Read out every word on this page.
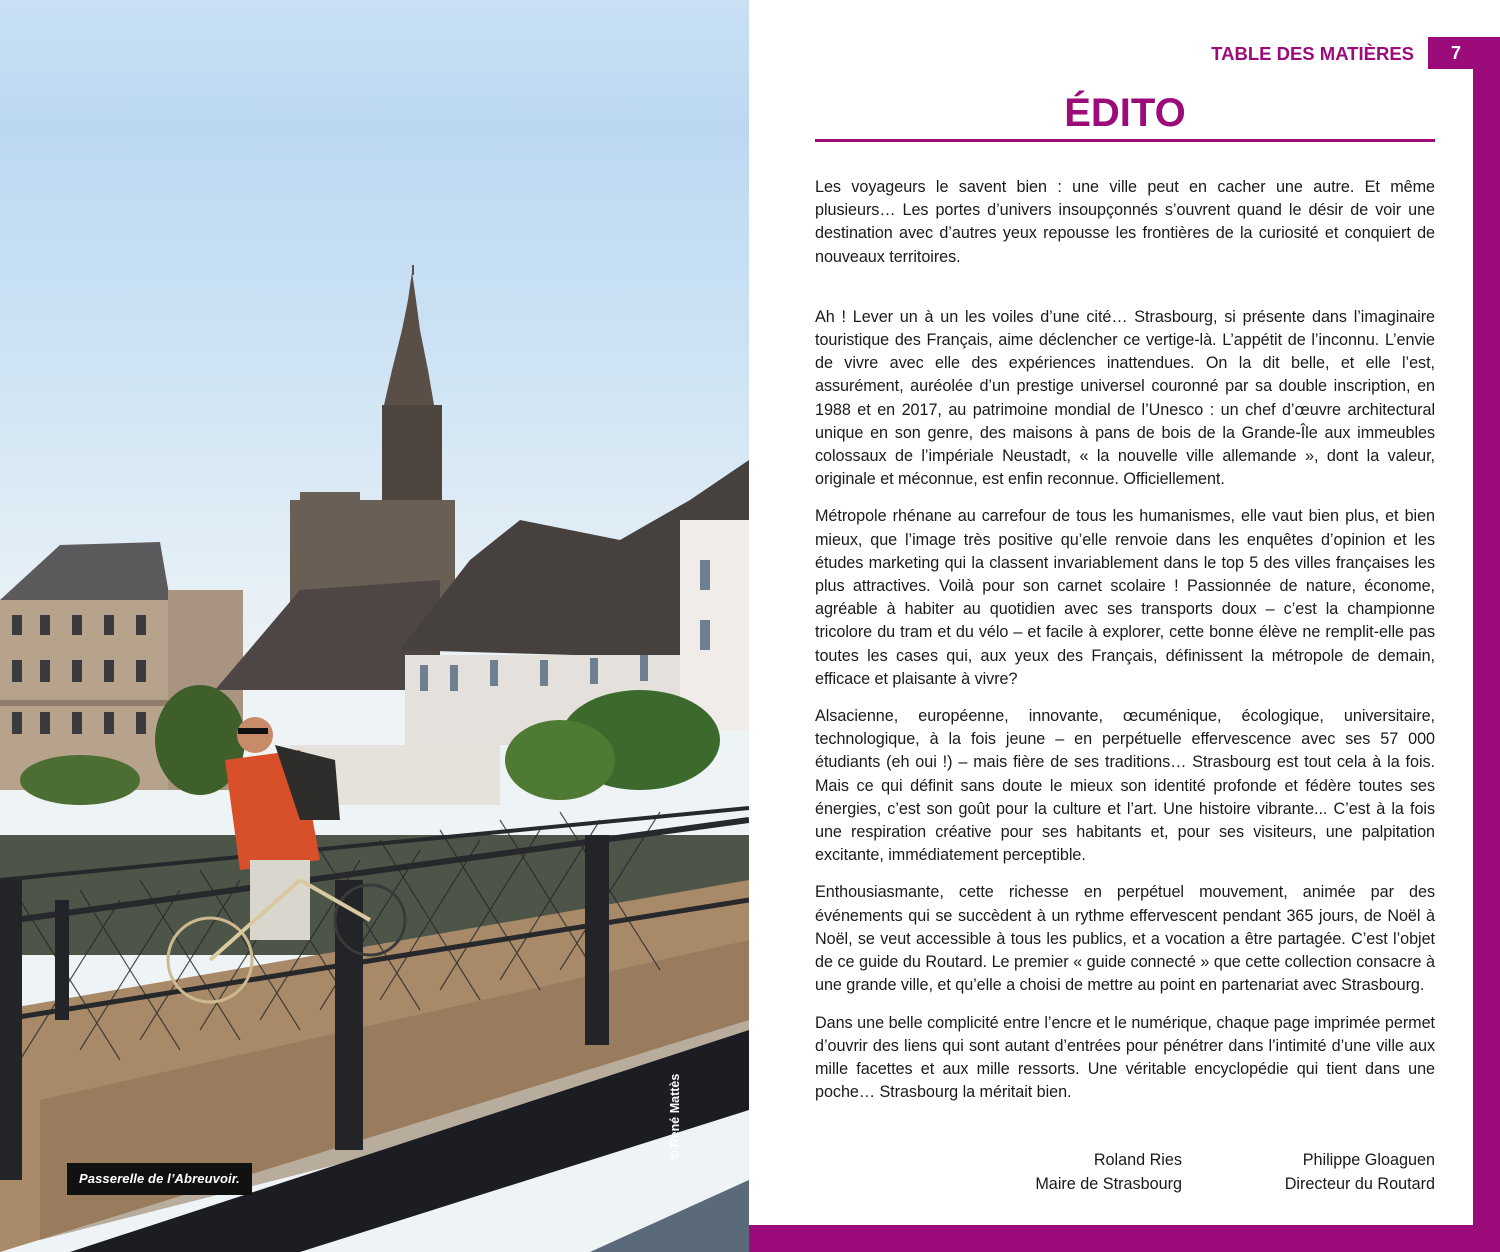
Passerelle de l’Abreuvoir.
© René Mattès
TABLE DES MATIÈRES	7
ÉDITO

Les voyageurs le savent bien : une ville peut en cacher une autre. Et même plusieurs… Les portes d’univers insoupçonnés s’ouvrent quand le désir de voir une destination avec d’autres yeux repousse les frontières de la curiosité et conquiert de nouveaux territoires.

Ah ! Lever un à un les voiles d’une cité… Strasbourg, si présente dans l’imaginaire touristique des Français, aime déclencher ce vertige-là. L’appétit de l’inconnu. L’envie de vivre avec elle des expériences inattendues. On la dit belle, et elle l’est, assurément, auréolée d’un prestige universel couronné par sa double inscription, en 1988 et en 2017, au patrimoine mondial de l’Unesco : un chef d’œuvre architectural unique en son genre, des maisons à pans de bois de la Grande-Île aux immeubles colossaux de l’impériale Neustadt, « la nouvelle ville allemande », dont la valeur, originale et méconnue, est enfin reconnue. Officiellement.

Métropole rhénane au carrefour de tous les humanismes, elle vaut bien plus, et bien mieux, que l’image très positive qu’elle renvoie dans les enquêtes d’opinion et les études marketing qui la classent invariablement dans le top 5 des villes françaises les plus attractives. Voilà pour son carnet scolaire ! Passionnée de nature, économe, agréable à habiter au quotidien avec ses transports doux – c’est la championne tricolore du tram et du vélo – et facile à explorer, cette bonne élève ne remplit-elle pas toutes les cases qui, aux yeux des Français, définissent la métropole de demain, efficace et plaisante à vivre?

Alsacienne, européenne, innovante, œcuménique, écologique, universitaire, technologique, à la fois jeune – en perpétuelle effervescence avec ses 57 000 étudiants (eh oui !) – mais fière de ses traditions… Strasbourg est tout cela à la fois. Mais ce qui définit sans doute le mieux son identité profonde et fédère toutes ses énergies, c’est son goût pour la culture et l’art. Une histoire vibrante... C’est à la fois une respiration créative pour ses habitants et, pour ses visiteurs, une palpitation excitante, immédiatement perceptible.

Enthousiasmante, cette richesse en perpétuel mouvement, animée par des événements qui se succèdent à un rythme effervescent pendant 365 jours, de Noël à Noël, se veut accessible à tous les publics, et a vocation a être partagée. C’est l’objet de ce guide du Routard. Le premier « guide connecté » que cette collection consacre à une grande ville, et qu’elle a choisi de mettre au point en partenariat avec Strasbourg.

Dans une belle complicité entre l’encre et le numérique, chaque page imprimée permet d’ouvrir des liens qui sont autant d’entrées pour pénétrer dans l’intimité d’une ville aux mille facettes et aux mille ressorts. Une véritable encyclopédie qui tient dans une poche… Strasbourg la méritait bien.

Roland Ries
Maire de Strasbourg
Philippe Gloaguen
Directeur du Routard
